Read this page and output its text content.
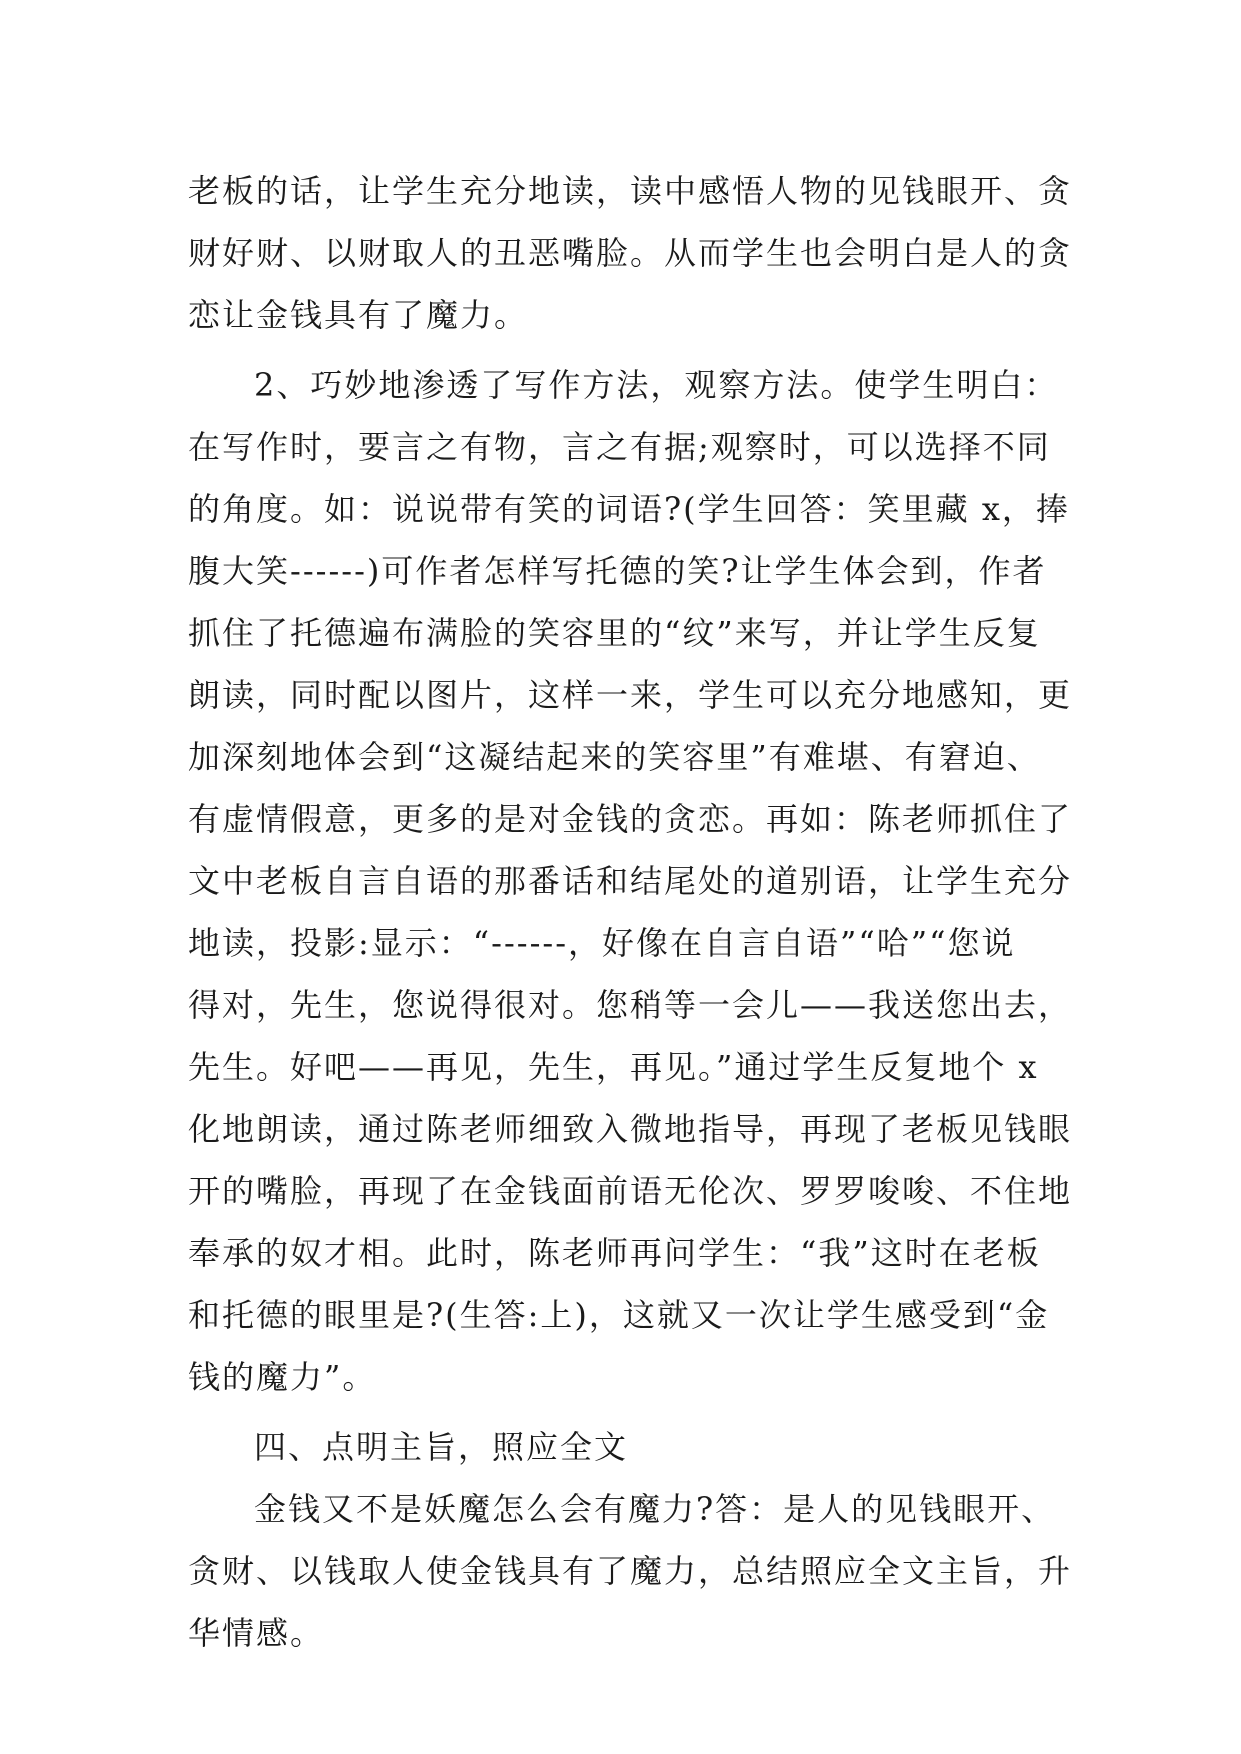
老板的话，让学生充分地读，读中感悟人物的见钱眼开、贪
财好财、以财取人的丑恶嘴脸。从而学生也会明白是人的贪
恋让金钱具有了魔力。
2、巧妙地渗透了写作方法，观察方法。使学生明白：
在写作时，要言之有物，言之有据;观察时，可以选择不同
的角度。如：说说带有笑的词语?(学生回答：笑里藏 x，捧
腹大笑------)可作者怎样写托德的笑?让学生体会到，作者
抓住了托德遍布满脸的笑容里的“纹”来写，并让学生反复
朗读，同时配以图片，这样一来，学生可以充分地感知，更
加深刻地体会到“这凝结起来的笑容里”有难堪、有窘迫、
有虚情假意，更多的是对金钱的贪恋。再如：陈老师抓住了
文中老板自言自语的那番话和结尾处的道别语，让学生充分
地读，投影:显示：“------，好像在自言自语”“哈”“您说
得对，先生，您说得很对。您稍等一会儿——我送您出去，
先生。好吧——再见，先生，再见。”通过学生反复地个 x
化地朗读，通过陈老师细致入微地指导，再现了老板见钱眼
开的嘴脸，再现了在金钱面前语无伦次、罗罗唆唆、不住地
奉承的奴才相。此时，陈老师再问学生：“我”这时在老板
和托德的眼里是?(生答:上)，这就又一次让学生感受到“金
钱的魔力”。
四、点明主旨，照应全文
金钱又不是妖魔怎么会有魔力?答：是人的见钱眼开、
贪财、以钱取人使金钱具有了魔力，总结照应全文主旨，升
华情感。
